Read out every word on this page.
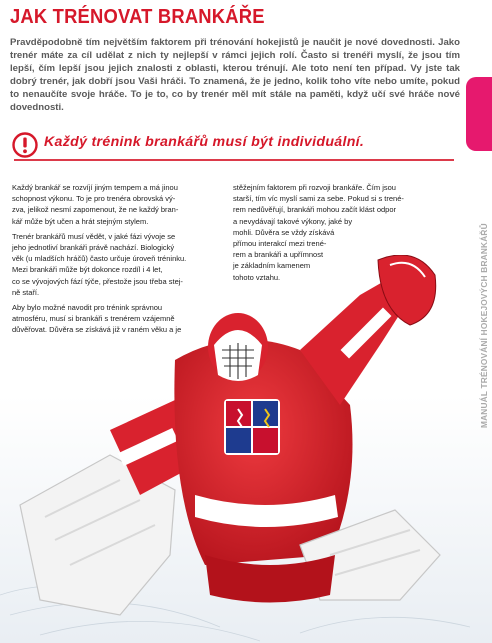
JAK TRÉNOVAT BRANKÁŘE
Pravděpodobně tím největším faktorem při trénování hokejistů je naučit je nové dovednosti. Jako trenér máte za cíl udělat z nich ty nejlepší v rámci jejich rolí. Často si trenéři myslí, že jsou tím lepší, čím lepší jsou jejich znalosti z oblasti, kterou trénují. Ale toto není ten případ. Vy jste tak dobrý trenér, jak dobří jsou Vaši hráči. To znamená, že je jedno, kolik toho víte nebo umíte, pokud to nenaučíte svoje hráče. To je to, co by trenér měl mít stále na paměti, když učí své hráče nové dovednosti.
MANUÁL TRÉNOVÁNÍ HOKEJOVÝCH BRANKÁŘŮ
Každý trénink brankářů musí být individuální.

Každý brankář se rozvíjí jiným tempem a má jinou
schopnost výkonu. To je pro trenéra obrovská vý-
zva, jelikož nesmí zapomenout, že ne každý bran-
kář může být učen a hrát stejným stylem.

Trenér brankářů musí vědět, v jaké fázi vývoje se
jeho jednotliví brankáři právě nachází. Biologický
věk (u mladších hráčů) často určuje úroveň tréninku.
Mezi brankáři může být dokonce rozdíl i 4 let,
co se vývojových fází týče, přestože jsou třeba stej-
ně staří.

Aby bylo možné navodit pro trénink správnou
atmosféru, musí si brankáři s trenérem vzájemně
důvěřovat. Důvěra se získává již v raném věku a je

stěžejním faktorem při rozvoji brankáře. Čím jsou
starší, tím víc myslí sami za sebe. Pokud si s trené-
rem nedůvěřují, brankáři mohou začít klást odpor
a nevydávají takové výkony, jaké by
mohli. Důvěra se vždy získává
přímou interakcí mezi trené-
rem a brankáři a upřímnost
je základním kamenem
tohoto vztahu.
